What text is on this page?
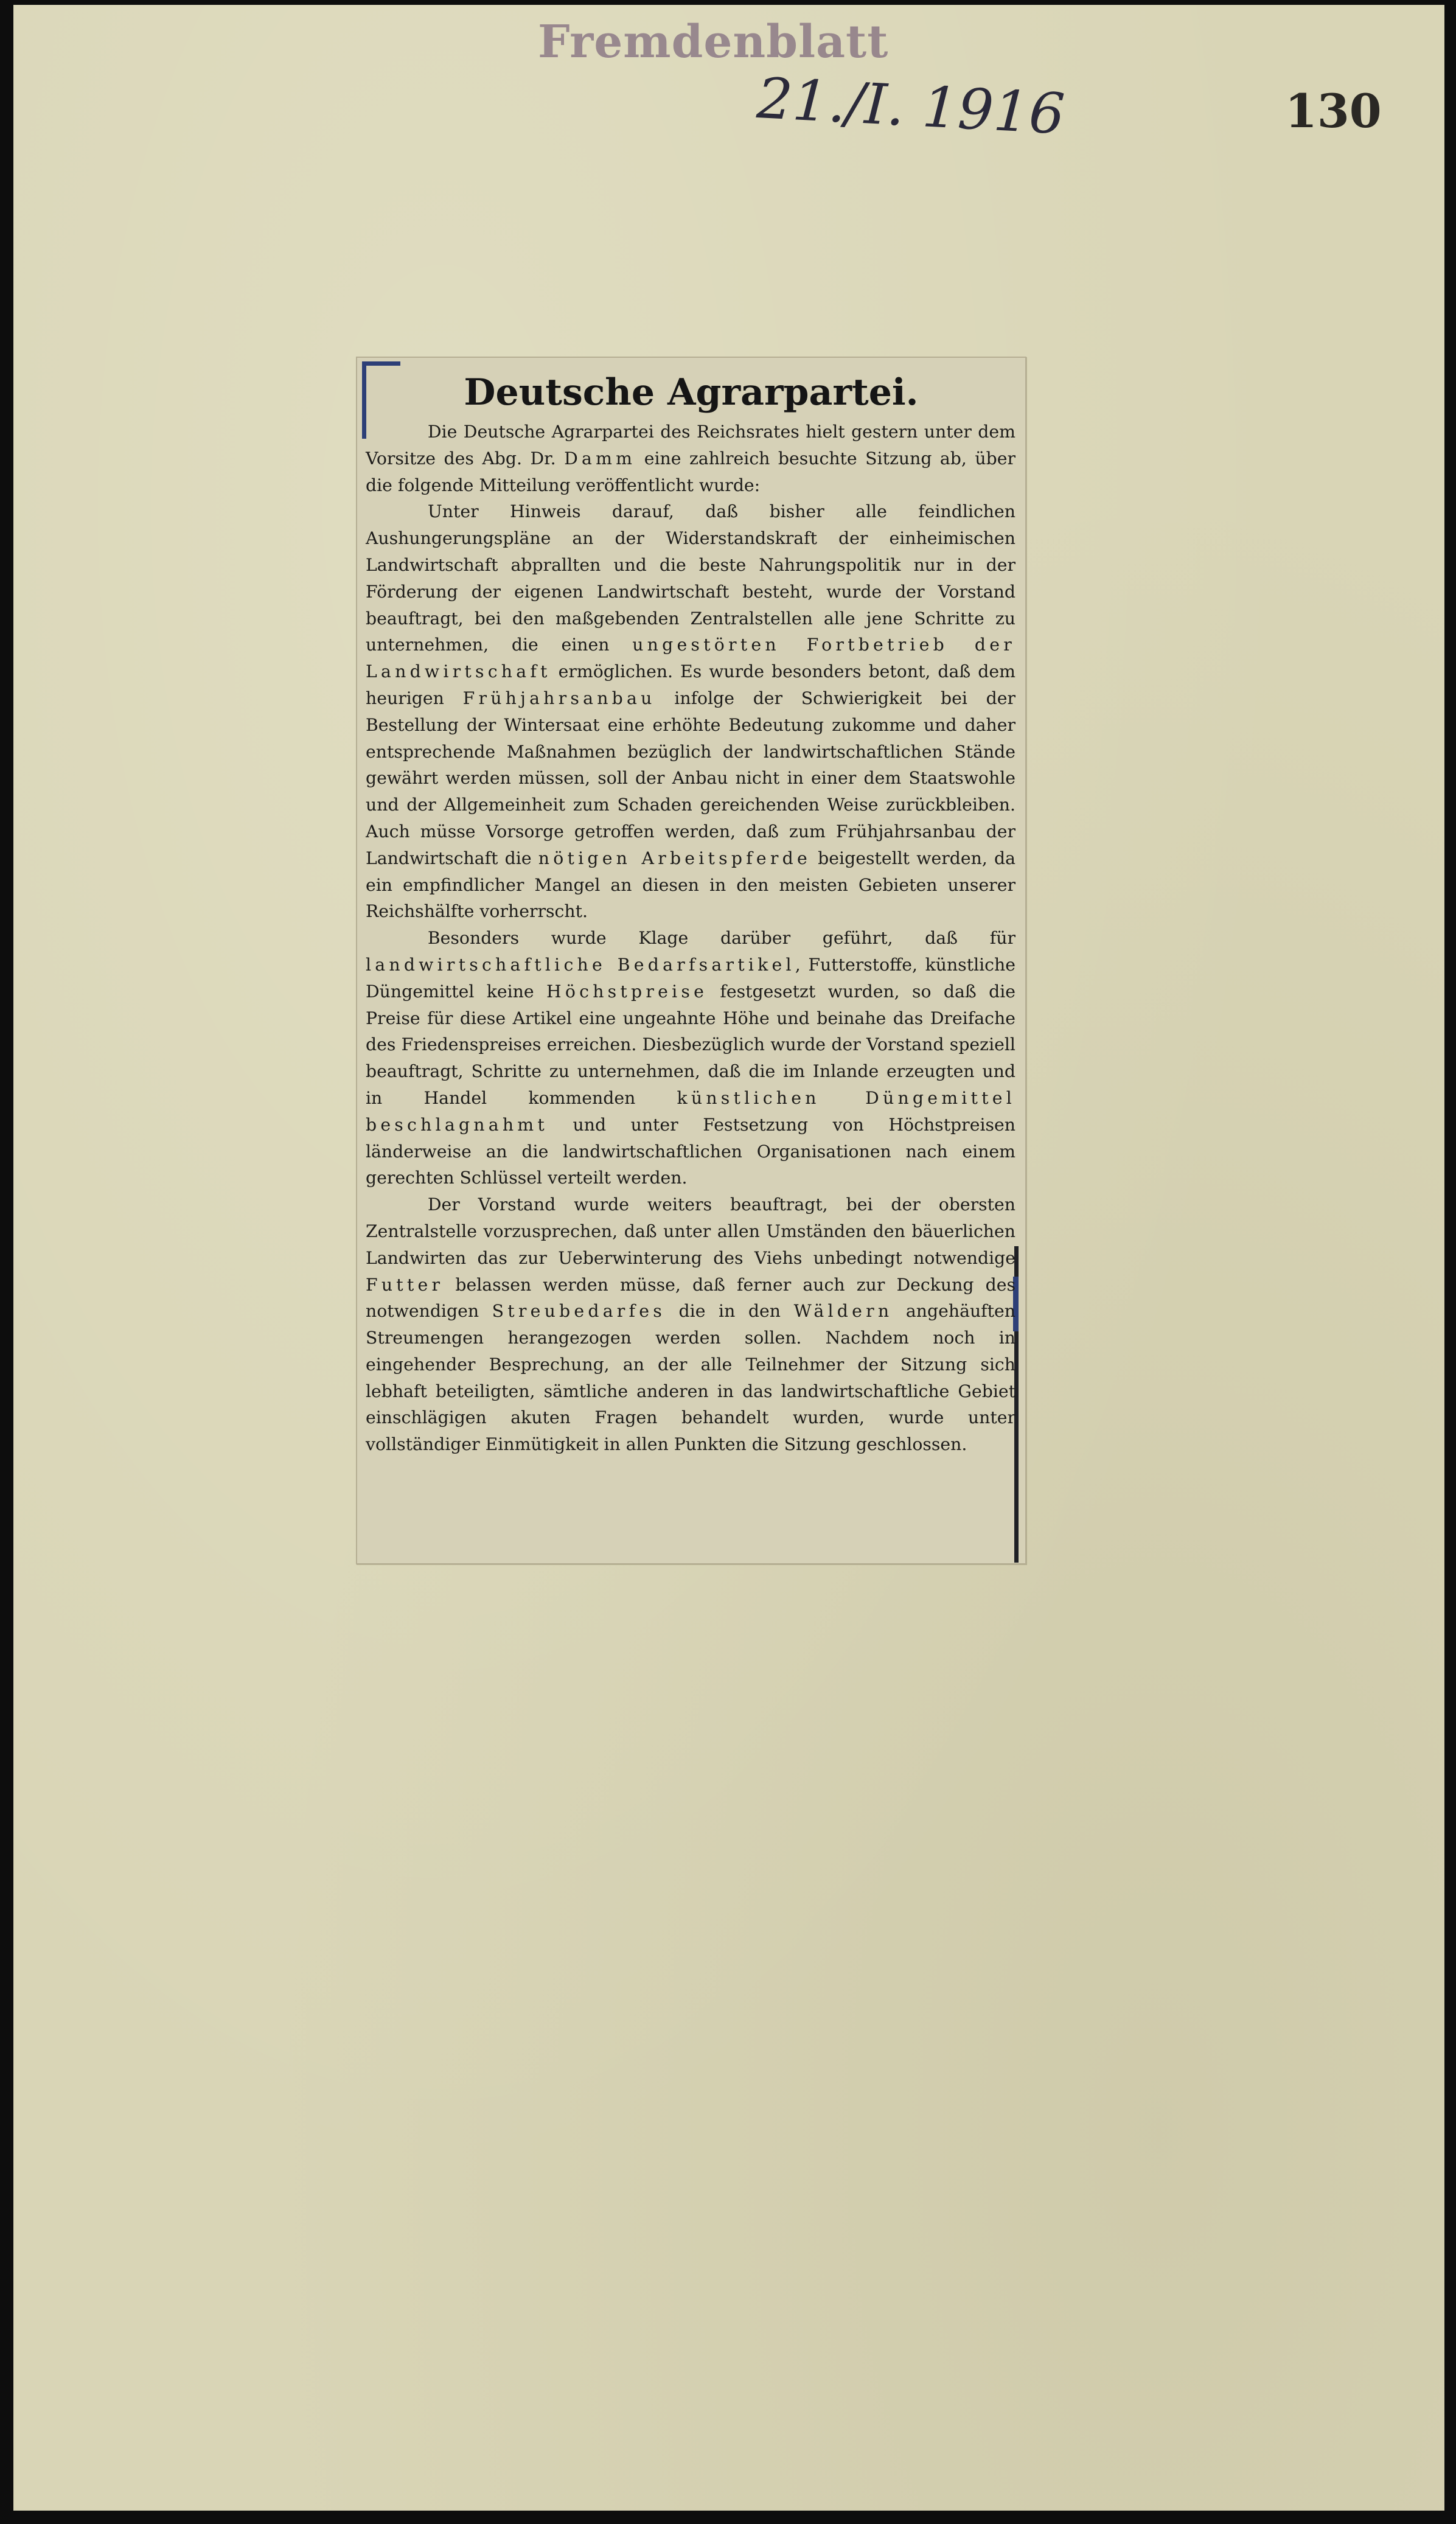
Fremdenblatt
21./I. 1916	130
Deutsche Agrarpartei.

Die Deutsche Agrarpartei des Reichsrates hielt gestern unter dem Vorsitze des Abg. Dr. Damm eine zahlreich besuchte Sitzung ab, über die folgende Mitteilung veröffentlicht wurde:

Unter Hinweis darauf, daß bisher alle feindlichen Aushungerungspläne an der Widerstandskraft der einheimischen Landwirtschaft abprallten und die beste Nahrungspolitik nur in der Förderung der eigenen Landwirtschaft besteht, wurde der Vorstand beauftragt, bei den maßgebenden Zentralstellen alle jene Schritte zu unternehmen, die einen ungestörten Fortbetrieb der Landwirtschaft ermöglichen. Es wurde besonders betont, daß dem heurigen Frühjahrsanbau infolge der Schwierigkeit bei der Bestellung der Wintersaat eine erhöhte Bedeutung zukomme und daher entsprechende Maßnahmen bezüglich der landwirtschaftlichen Stände gewährt werden müssen, soll der Anbau nicht in einer dem Staatswohle und der Allgemeinheit zum Schaden gereichenden Weise zurückbleiben. Auch müsse Vorsorge getroffen werden, daß zum Frühjahrsanbau der Landwirtschaft die nötigen Arbeitspferde beigestellt werden, da ein empfindlicher Mangel an diesen in den meisten Gebieten unserer Reichshälfte vorherrscht.

Besonders wurde Klage darüber geführt, daß für landwirtschaftliche Bedarfsartikel, Futterstoffe, künstliche Düngemittel keine Höchstpreise festgesetzt wurden, so daß die Preise für diese Artikel eine ungeahnte Höhe und beinahe das Dreifache des Friedenspreises erreichen. Diesbezüglich wurde der Vorstand speziell beauftragt, Schritte zu unternehmen, daß die im Inlande erzeugten und in Handel kommenden künstlichen Düngemittel beschlagnahmt und unter Festsetzung von Höchstpreisen länderweise an die landwirtschaftlichen Organisationen nach einem gerechten Schlüssel verteilt werden.

Der Vorstand wurde weiters beauftragt, bei der obersten Zentralstelle vorzusprechen, daß unter allen Umständen den bäuerlichen Landwirten das zur Ueberwinterung des Viehs unbedingt notwendige Futter belassen werden müsse, daß ferner auch zur Deckung des notwendigen Streubedarfes die in den Wäldern angehäuften Streumengen herangezogen werden sollen. Nachdem noch in eingehender Besprechung, an der alle Teilnehmer der Sitzung sich lebhaft beteiligten, sämtliche anderen in das landwirtschaftliche Gebiet einschlägigen akuten Fragen behandelt wurden, wurde unter vollständiger Einmütigkeit in allen Punkten die Sitzung geschlossen.
